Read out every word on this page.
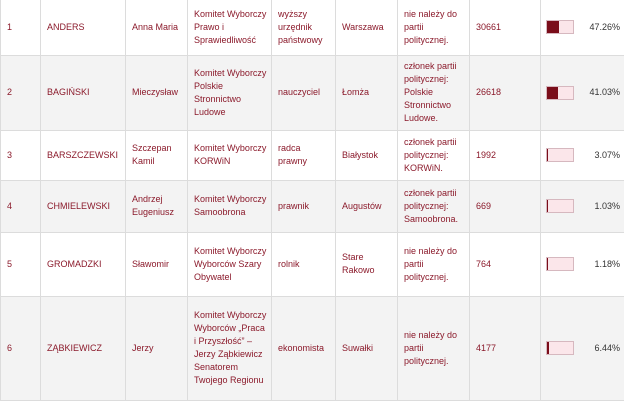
1	ANDERS	Anna Maria	Komitet Wyborczy Prawo i Sprawiedliwość	wyższy urzędnik państwowy	Warszawa	nie należy do partii politycznej.	30661	47.26%

2	BAGIŃSKI	Mieczysław	Komitet Wyborczy Polskie Stronnictwo Ludowe	nauczyciel	Łomża	członek partii politycznej: Polskie Stronnictwo Ludowe.	26618	41.03%

3	BARSZCZEWSKI	Szczepan Kamil	Komitet Wyborczy KORWiN	radca prawny	Białystok	członek partii politycznej: KORWiN.	1992	3.07%

4	CHMIELEWSKI	Andrzej Eugeniusz	Komitet Wyborczy Samoobrona	prawnik	Augustów	członek partii politycznej: Samoobrona.	669	1.03%

5	GROMADZKI	Sławomir	Komitet Wyborczy Wyborców Szary Obywatel	rolnik	Stare Rakowo	nie należy do partii politycznej.	764	1.18%

6	ZĄBKIEWICZ	Jerzy	Komitet Wyborczy Wyborców „Praca i Przyszłość” – Jerzy Ząbkiewicz Senatorem Twojego Regionu	ekonomista	Suwałki	nie należy do partii politycznej.	4177	6.44%
